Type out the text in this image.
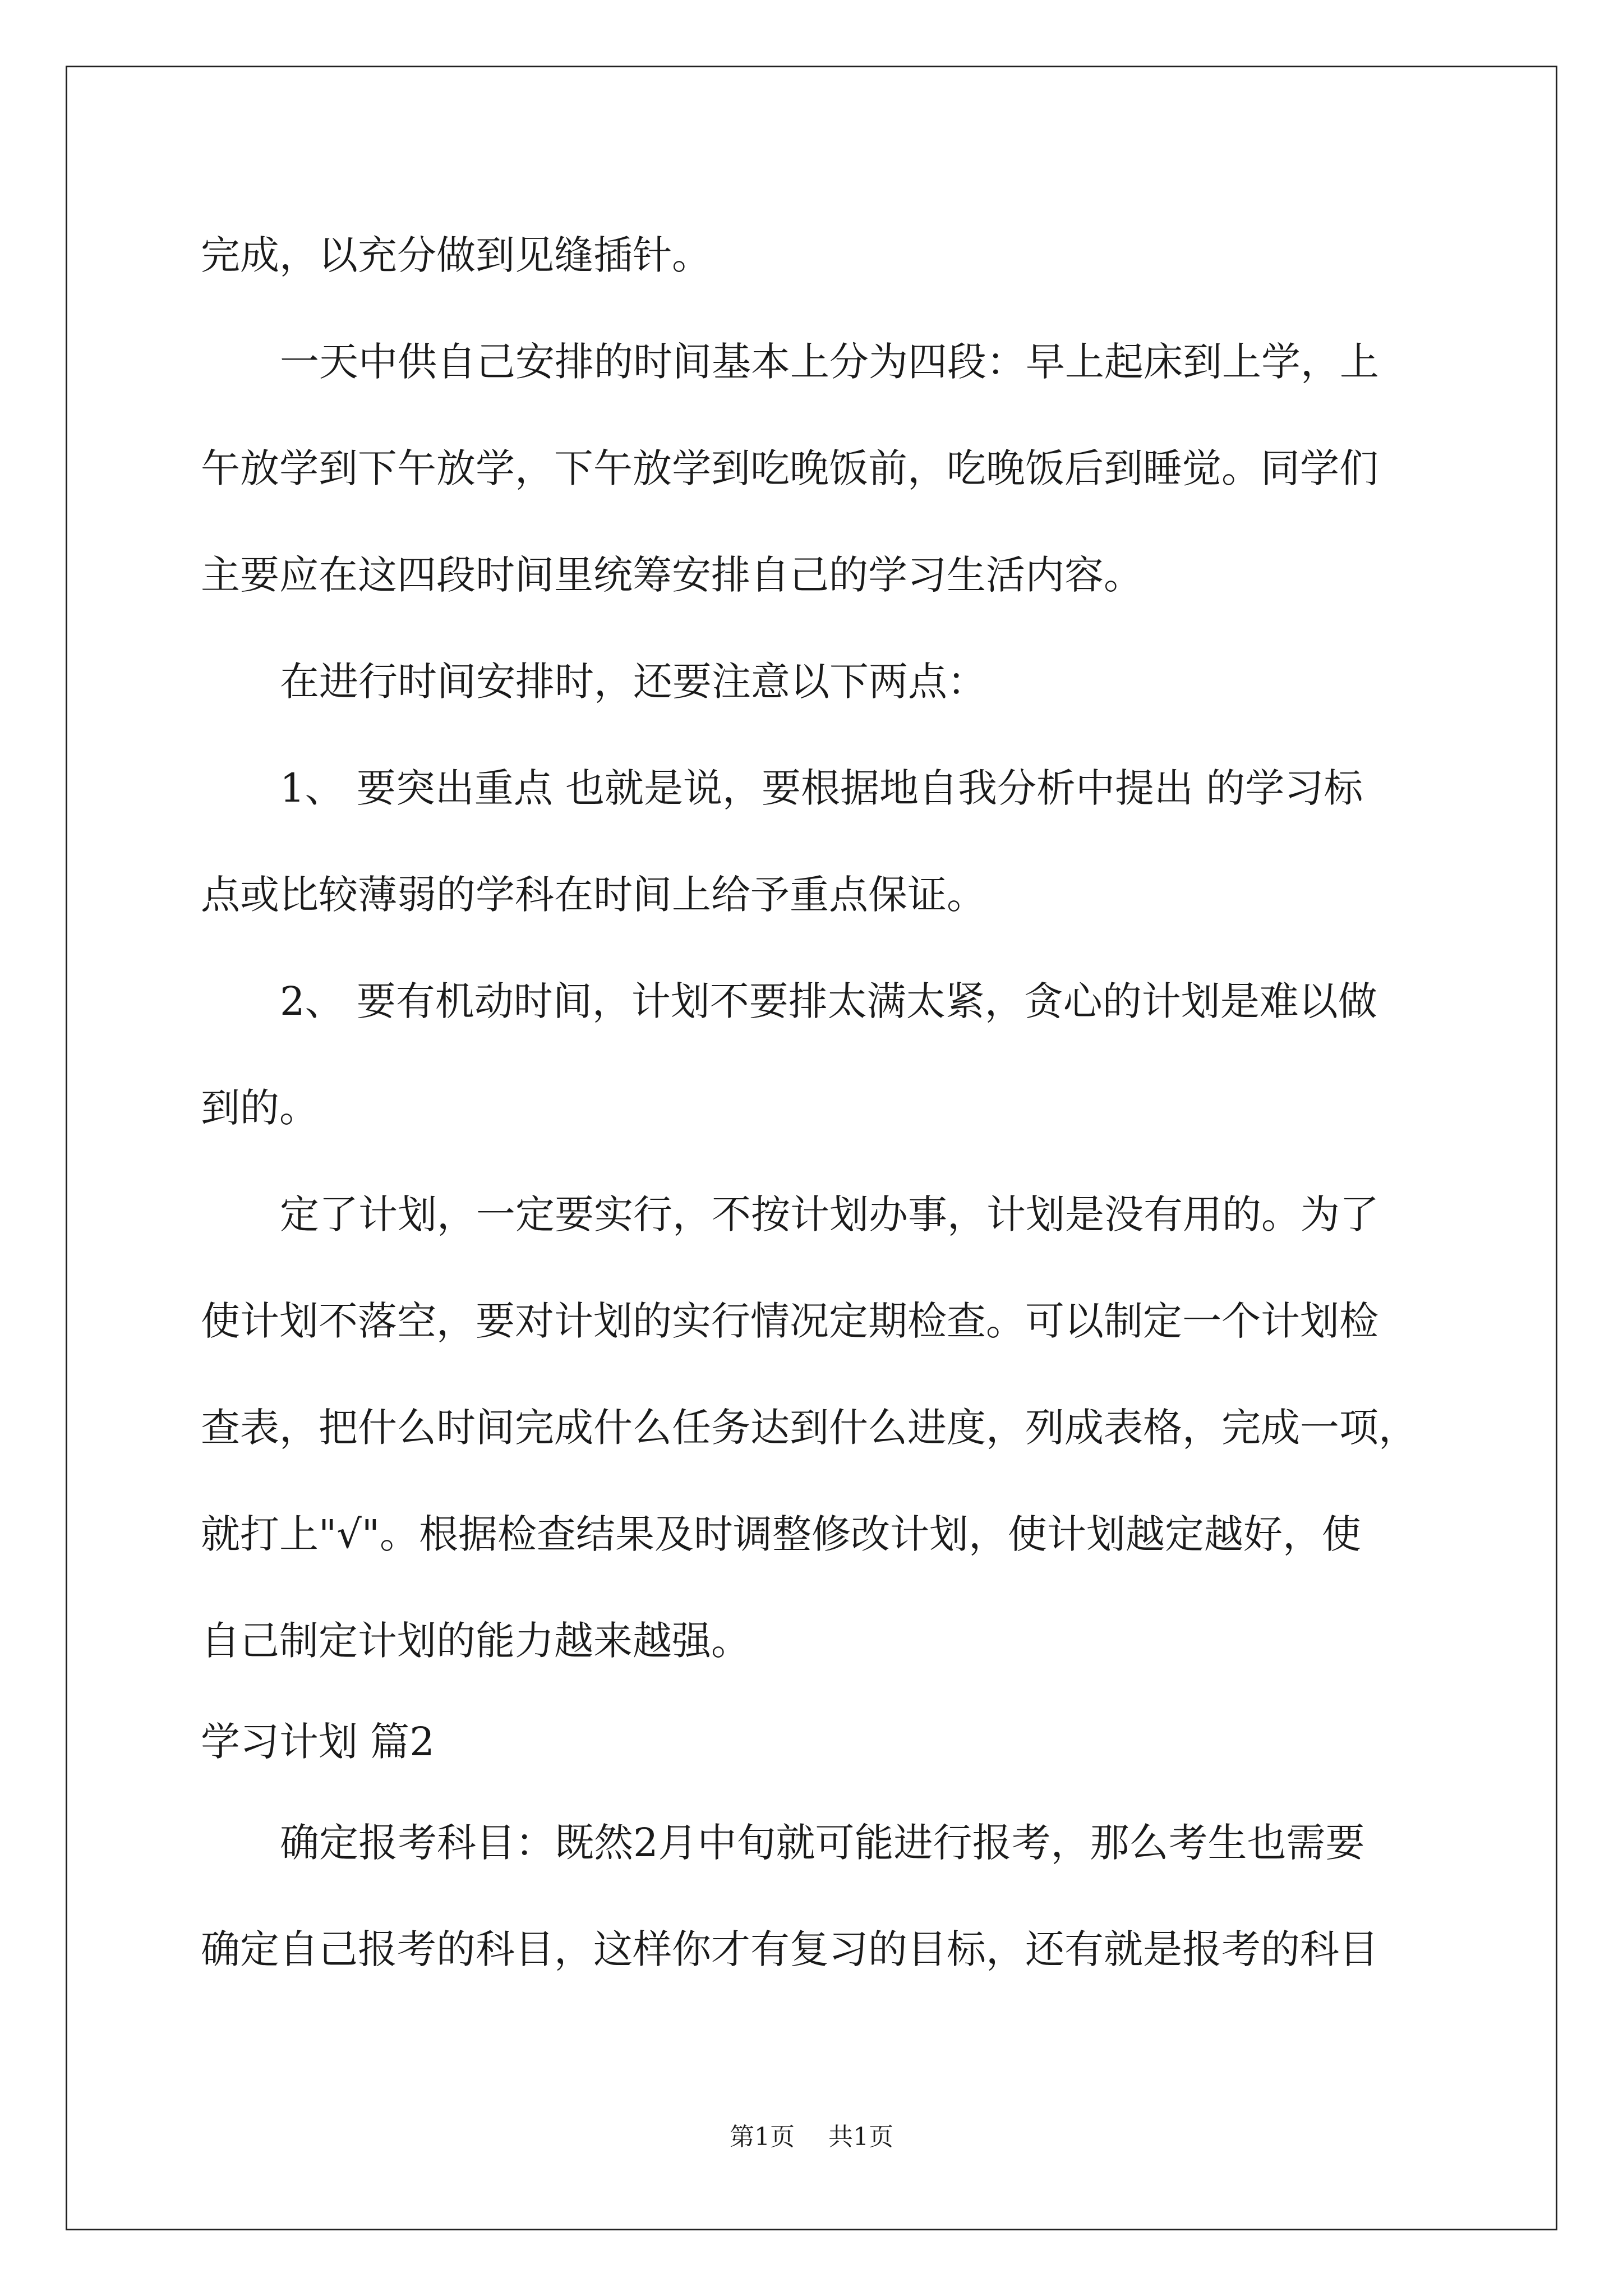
完成，以充分做到见缝插针。
一天中供自己安排的时间基本上分为四段：早上起床到上学，上
午放学到下午放学，下午放学到吃晚饭前，吃晚饭后到睡觉。同学们
主要应在这四段时间里统筹安排自己的学习生活内容。
在进行时间安排时，还要注意以下两点：
1、 要突出重点 也就是说，要根据地自我分析中提出 的学习标
点或比较薄弱的学科在时间上给予重点保证。
2、 要有机动时间，计划不要排太满太紧，贪心的计划是难以做
到的。
定了计划，一定要实行，不按计划办事，计划是没有用的。为了
使计划不落空，要对计划的实行情况定期检查。可以制定一个计划检
查表，把什么时间完成什么任务达到什么进度，列成表格，完成一项，
就打上"√"。根据检查结果及时调整修改计划，使计划越定越好，使
自己制定计划的能力越来越强。
学习计划 篇2
确定报考科目：既然2月中旬就可能进行报考，那么考生也需要
确定自己报考的科目，这样你才有复习的目标，还有就是报考的科目
第1页 共1页
